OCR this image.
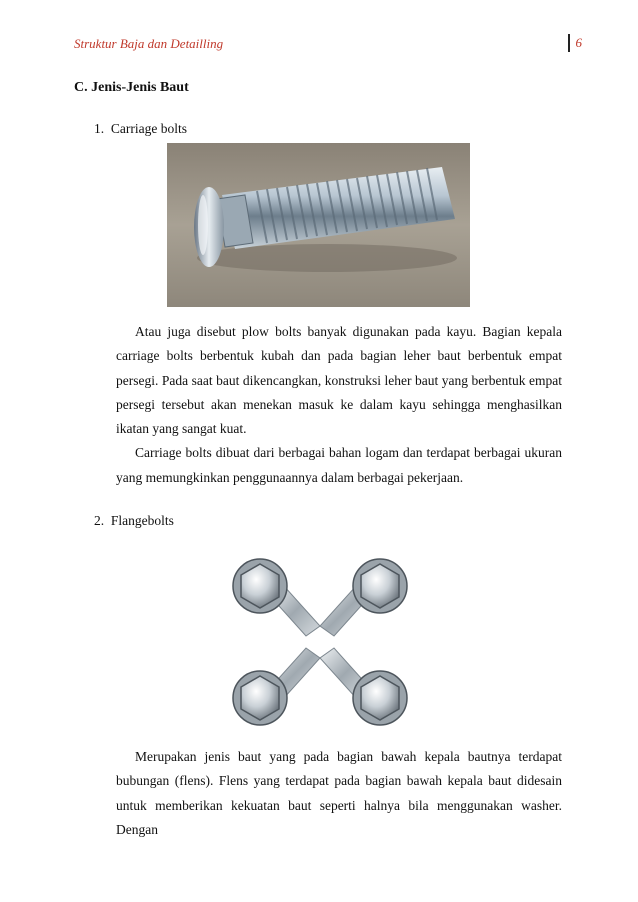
Struktur Baja dan Detailling	6
C. Jenis-Jenis Baut
1. Carriage bolts

Atau juga disebut plow bolts banyak digunakan pada kayu. Bagian kepala carriage bolts berbentuk kubah dan pada bagian leher baut berbentuk empat persegi. Pada saat baut dikencangkan, konstruksi leher baut yang berbentuk empat persegi tersebut akan menekan masuk ke dalam kayu sehingga menghasilkan ikatan yang sangat kuat.

Carriage bolts dibuat dari berbagai bahan logam dan terdapat berbagai ukuran yang memungkinkan penggunaannya dalam berbagai pekerjaan.

2. Flangebolts

Merupakan jenis baut yang pada bagian bawah kepala bautnya terdapat bubungan (flens). Flens yang terdapat pada bagian bawah kepala baut didesain untuk memberikan kekuatan baut seperti halnya bila menggunakan washer. Dengan
